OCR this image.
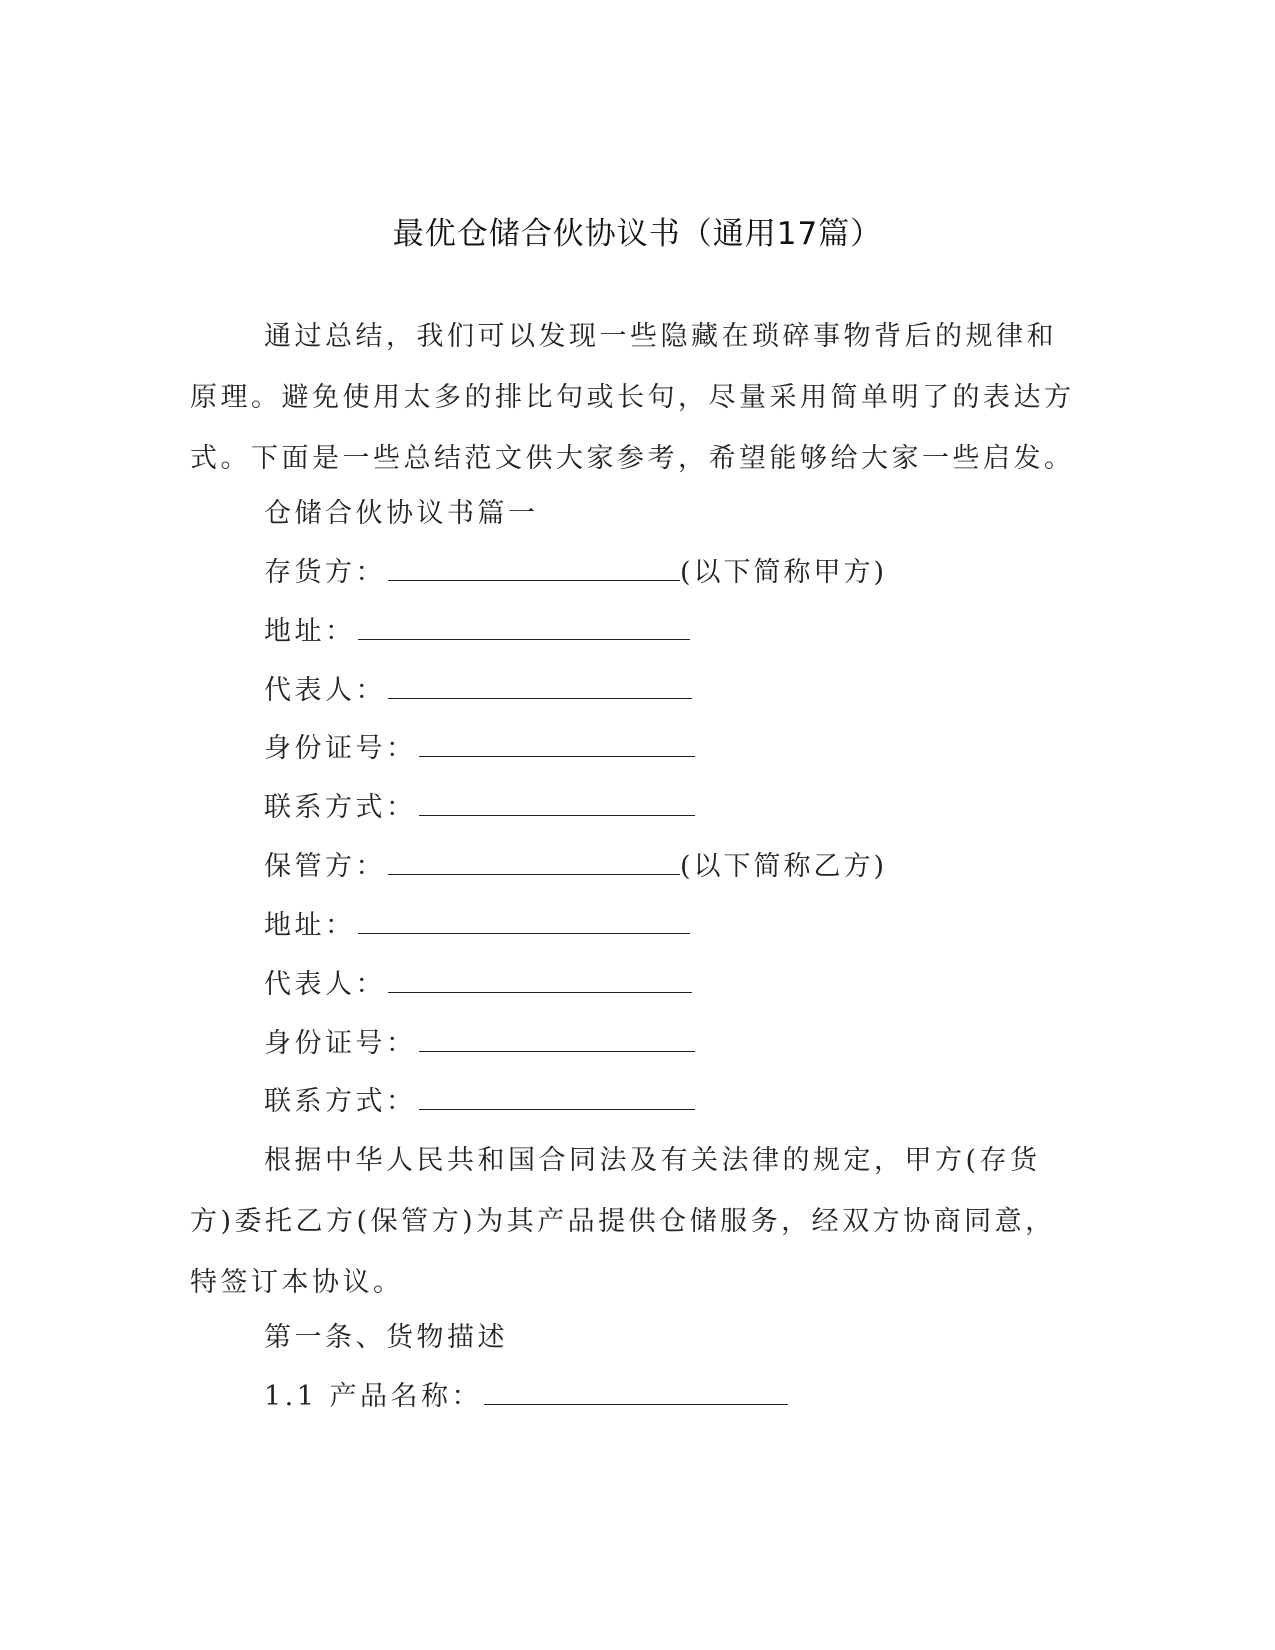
最优仓储合伙协议书（通用17篇）

通过总结，我们可以发现一些隐藏在琐碎事物背后的规律和原理。避免使用太多的排比句或长句，尽量采用简单明了的表达方式。下面是一些总结范文供大家参考，希望能够给大家一些启发。

仓储合伙协议书篇一
存货方：	(以下简称甲方)
地址：
代表人：
身份证号：
联系方式：
保管方：	(以下简称乙方)
地址：
代表人：
身份证号：
联系方式：

根据中华人民共和国合同法及有关法律的规定，甲方(存货方)委托乙方(保管方)为其产品提供仓储服务，经双方协商同意，特签订本协议。

第一条、货物描述
1.1 产品名称：
